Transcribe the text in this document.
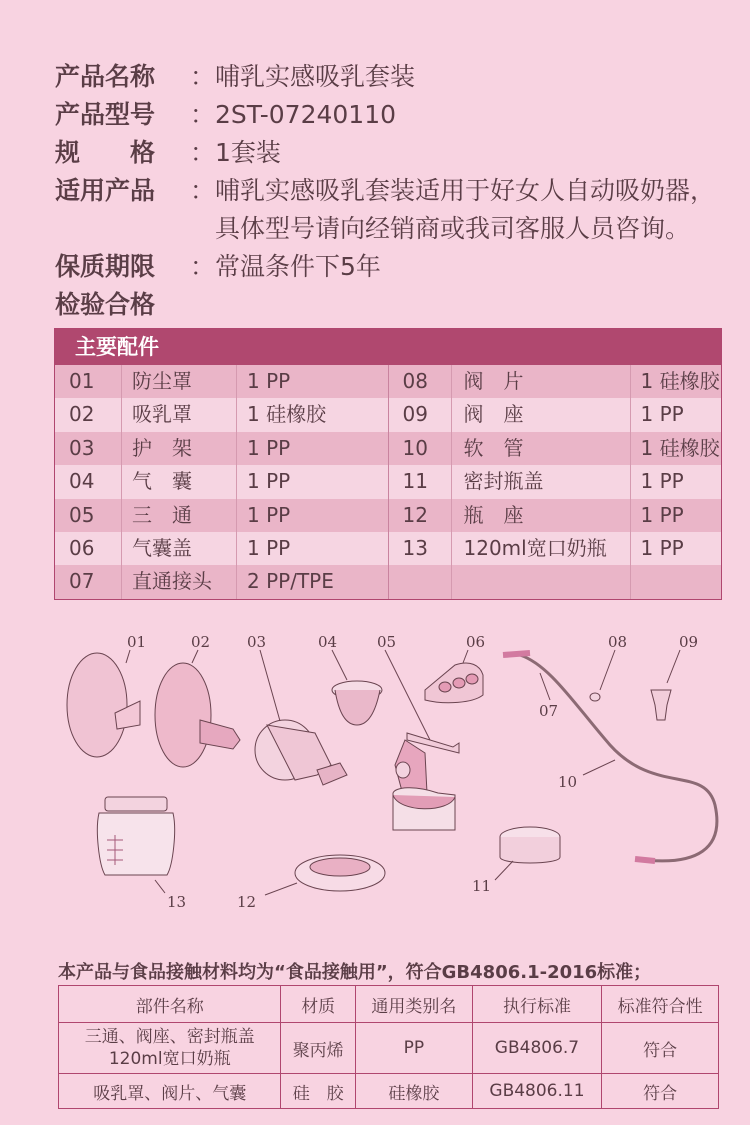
产品名称	：哺乳实感吸乳套装
产品型号	：2ST-07240110
规　　格	：1套装
适用产品	：哺乳实感吸乳套装适用于好女人自动吸奶器，
　具体型号请向经销商或我司客服人员咨询。
保质期限	：常温条件下5年
检验合格
主要配件
01	防尘罩	1 PP
02	吸乳罩	1 硅橡胶
03	护　架	1 PP
04	气　囊	1 PP
05	三　通	1 PP
06	气囊盖	1 PP
07	直通接头	2 PP/TPE
08	阀　片	1 硅橡胶
09	阀　座	1 PP
10	软　管	1 硅橡胶
11	密封瓶盖	1 PP
12	瓶　座	1 PP
13	120ml宽口奶瓶	1 PP
01	02 03	04	05	06
07
08	09
10
11
12
13
本产品与食品接触材料均为“食品接触用”，符合GB4806.1-2016标准；
部件名称	材质	通用类别名	执行标准	标准符合性

三通、阀座、密封瓶盖
120ml宽口奶瓶	聚丙烯	PP	GB4806.7	符合
吸乳罩、阀片、气囊	硅　胶	硅橡胶	GB4806.11	符合
